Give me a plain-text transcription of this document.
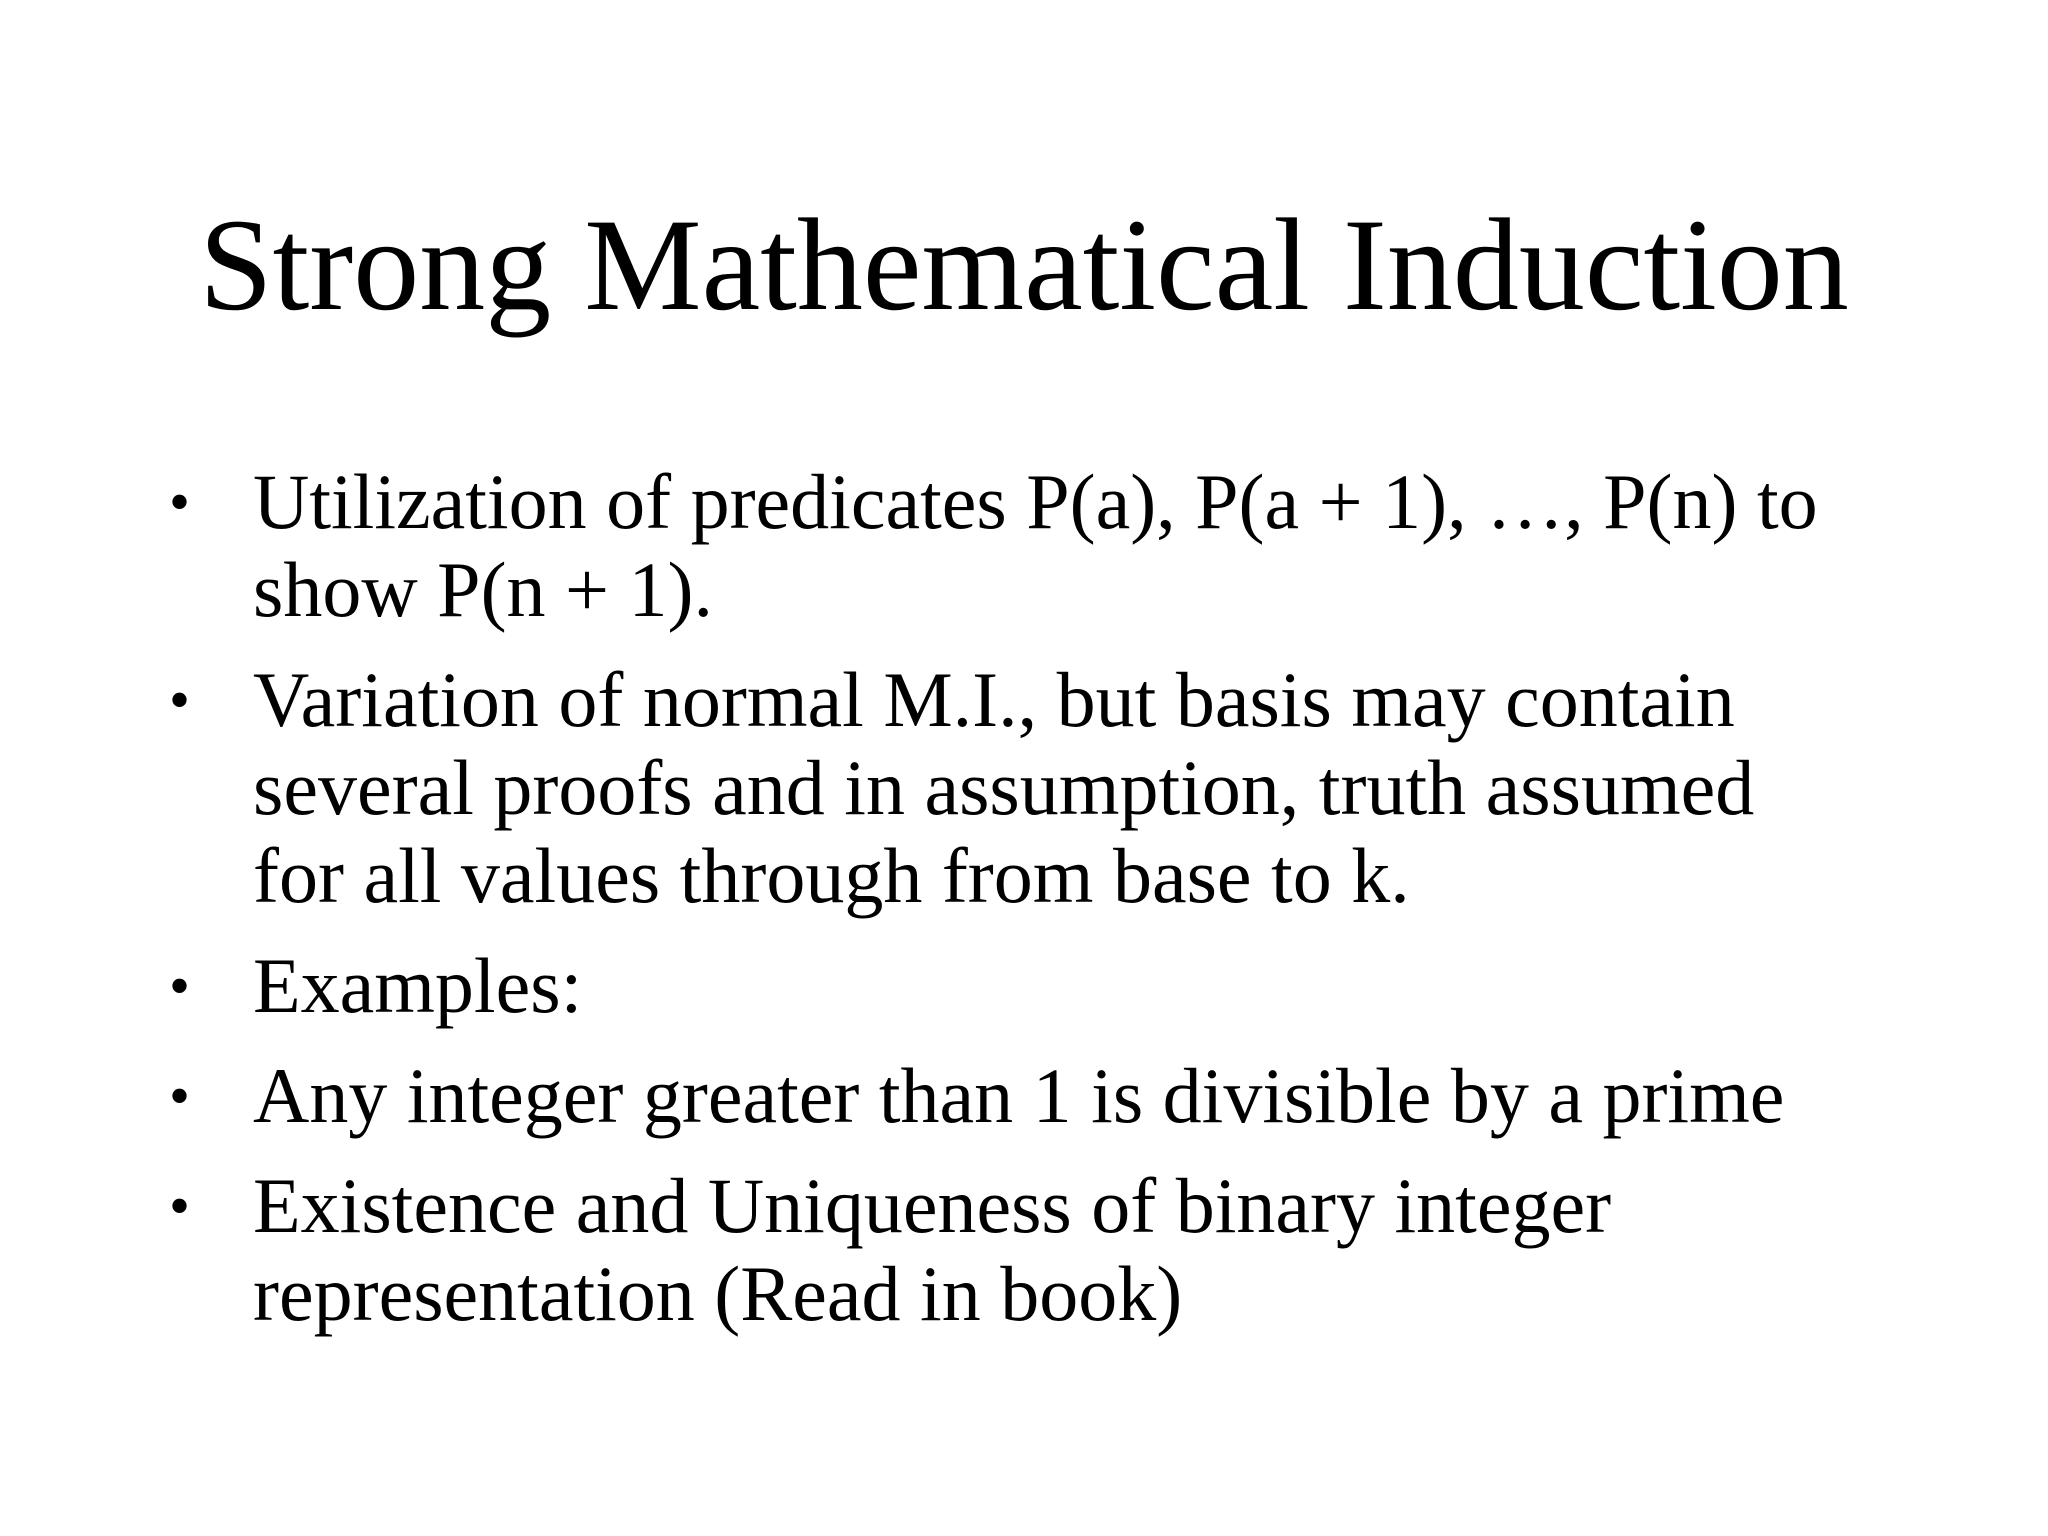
Strong Mathematical Induction
• Utilization of predicates P(a), P(a + 1), …, P(n) to
show P(n + 1).
• Variation of normal M.I., but basis may contain
several proofs and in assumption, truth assumed
for all values through from base to k.
• Examples:
• Any integer greater than 1 is divisible by a prime
• Existence and Uniqueness of binary integer
representation (Read in book)
